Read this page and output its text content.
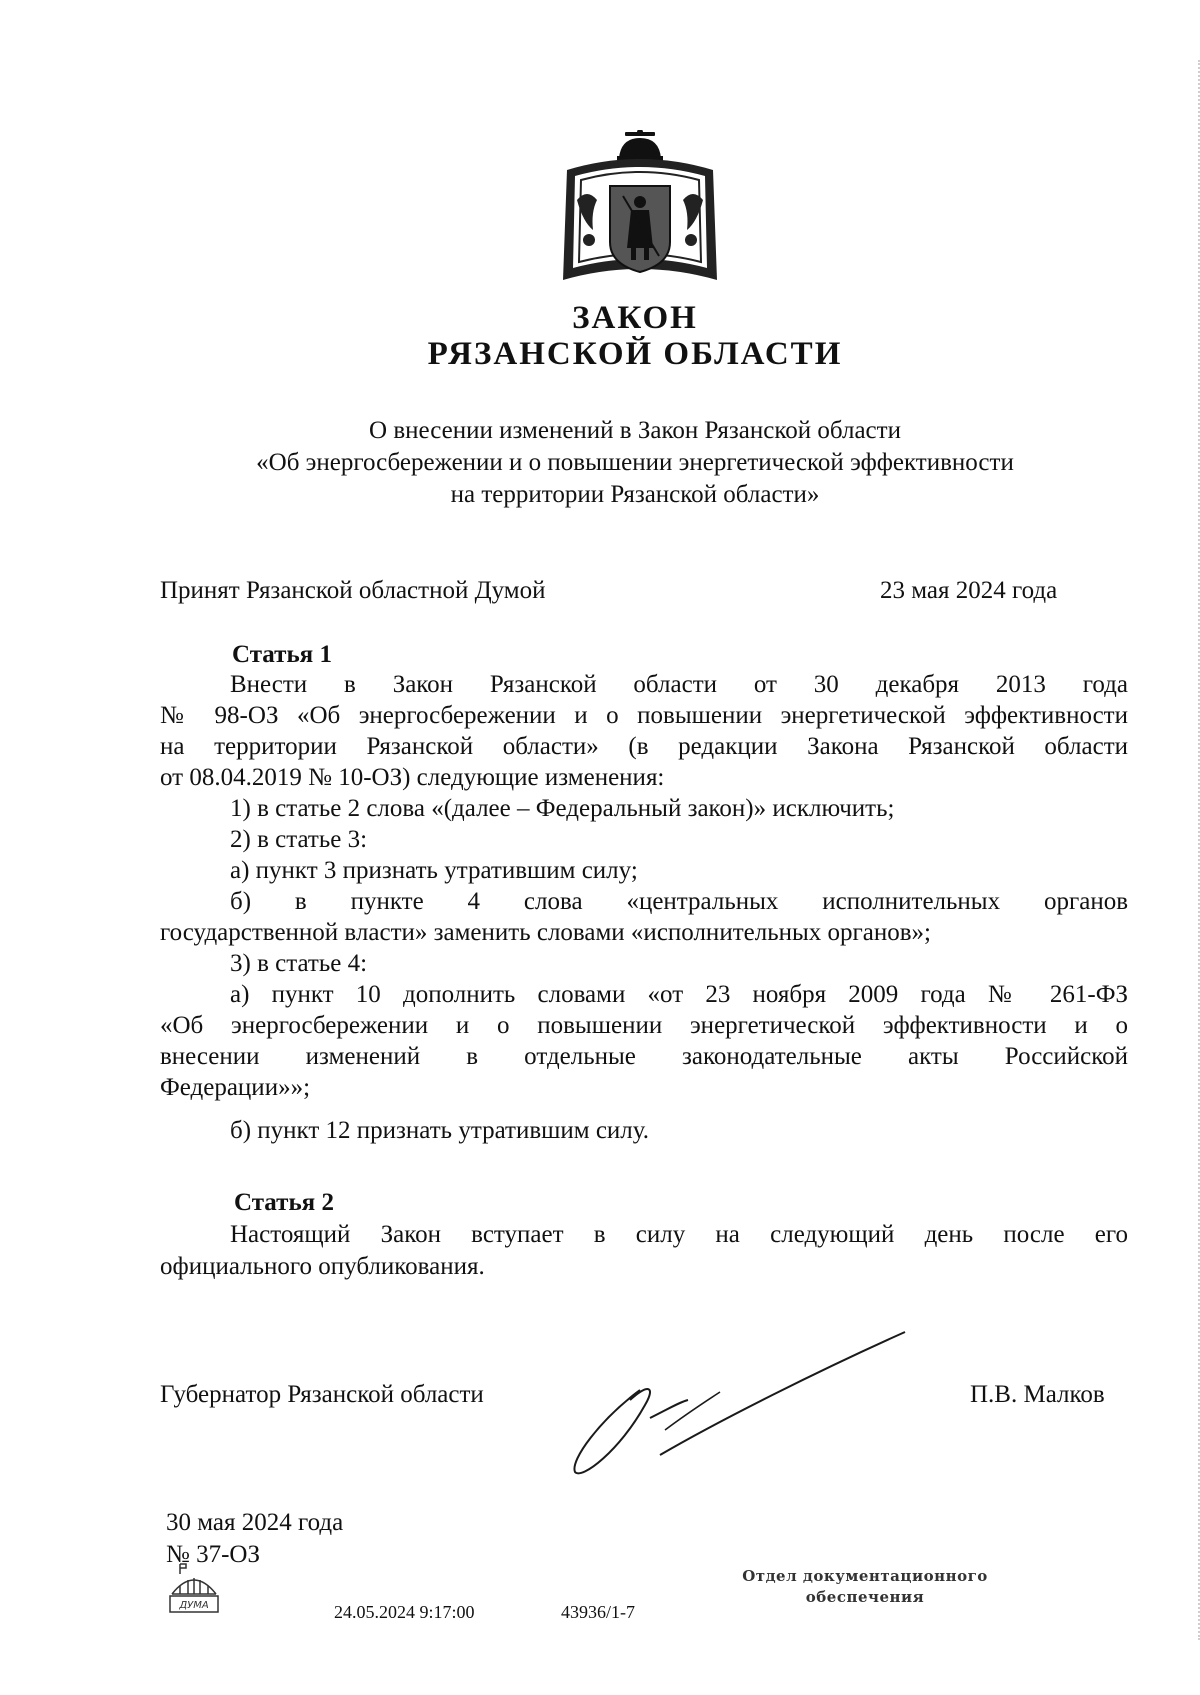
ЗАКОН
РЯЗАНСКОЙ ОБЛАСТИ
О внесении изменений в Закон Рязанской области
«Об энергосбережении и о повышении энергетической эффективности
на территории Рязанской области»
Принят Рязанской областной Думой	23 мая 2024 года
Статья 1
Внести в Закон Рязанской области от 30 декабря 2013 года
№ 98-ОЗ «Об энергосбережении и о повышении энергетической эффективности
на территории Рязанской области» (в редакции Закона Рязанской области
от 08.04.2019 № 10-ОЗ) следующие изменения:
1) в статье 2 слова «(далее – Федеральный закон)» исключить;
2) в статье 3:
а) пункт 3 признать утратившим силу;
б) в пункте 4 слова «центральных исполнительных органов
государственной власти» заменить словами «исполнительных органов»;
3) в статье 4:
а) пункт 10 дополнить словами «от 23 ноября 2009 года № 261-ФЗ
«Об энергосбережении и о повышении энергетической эффективности и о
внесении изменений в отдельные законодательные акты Российской
Федерации»»;
б) пункт 12 признать утратившим силу.
Статья 2
Настоящий Закон вступает в силу на следующий день после его
официального опубликования.
Губернатор Рязанской области	П.В. Малков
30 мая 2024 года
№ 37-ОЗ
ДУМА	24.05.2024 9:17:00	43936/1-7
Отдел документационного
обеспечения
